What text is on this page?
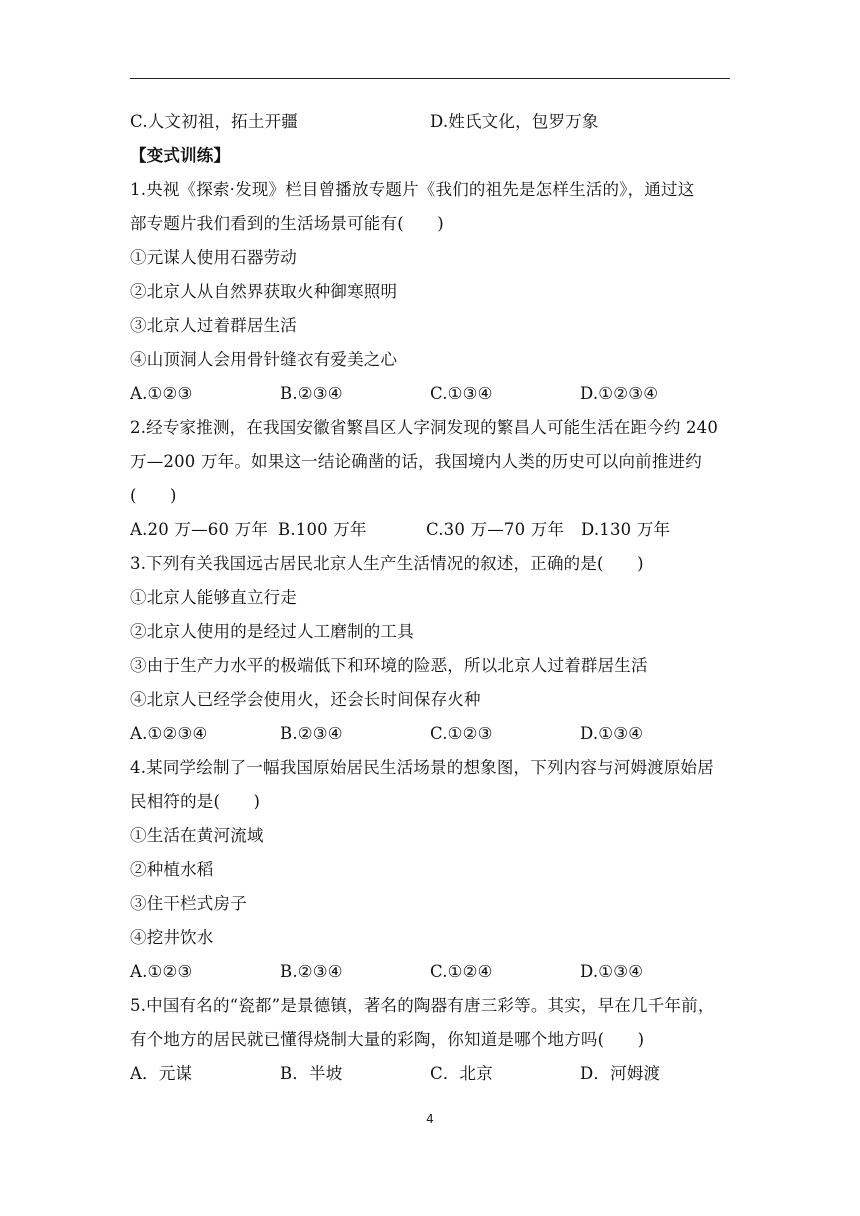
C.人文初祖，拓土开疆	D.姓氏文化，包罗万象
【变式训练】
1.央视《探索·发现》栏目曾播放专题片《我们的祖先是怎样生活的》，通过这
部专题片我们看到的生活场景可能有(　　)
①元谋人使用石器劳动
②北京人从自然界获取火种御寒照明
③北京人过着群居生活
④山顶洞人会用骨针缝衣有爱美之心
A.①②③	B.②③④	C.①③④	D.①②③④
2.经专家推测，在我国安徽省繁昌区人字洞发现的繁昌人可能生活在距今约 240
万—200 万年。如果这一结论确凿的话，我国境内人类的历史可以向前推进约
(　　)
A.20 万—60 万年 B.100 万年	C.30 万—70 万年	D.130 万年
3.下列有关我国远古居民北京人生产生活情况的叙述，正确的是(　　)
①北京人能够直立行走
②北京人使用的是经过人工磨制的工具
③由于生产力水平的极端低下和环境的险恶，所以北京人过着群居生活
④北京人已经学会使用火，还会长时间保存火种
A.①②③④	B.②③④	C.①②③	D.①③④
4.某同学绘制了一幅我国原始居民生活场景的想象图，下列内容与河姆渡原始居
民相符的是(　　)
①生活在黄河流域
②种植水稻
③住干栏式房子
④挖井饮水
A.①②③	B.②③④	C.①②④	D.①③④
5.中国有名的“瓷都”是景德镇，著名的陶器有唐三彩等。其实，早在几千年前，
有个地方的居民就已懂得烧制大量的彩陶，你知道是哪个地方吗(　　)
A．元谋	B．半坡	C．北京	D．河姆渡
4
